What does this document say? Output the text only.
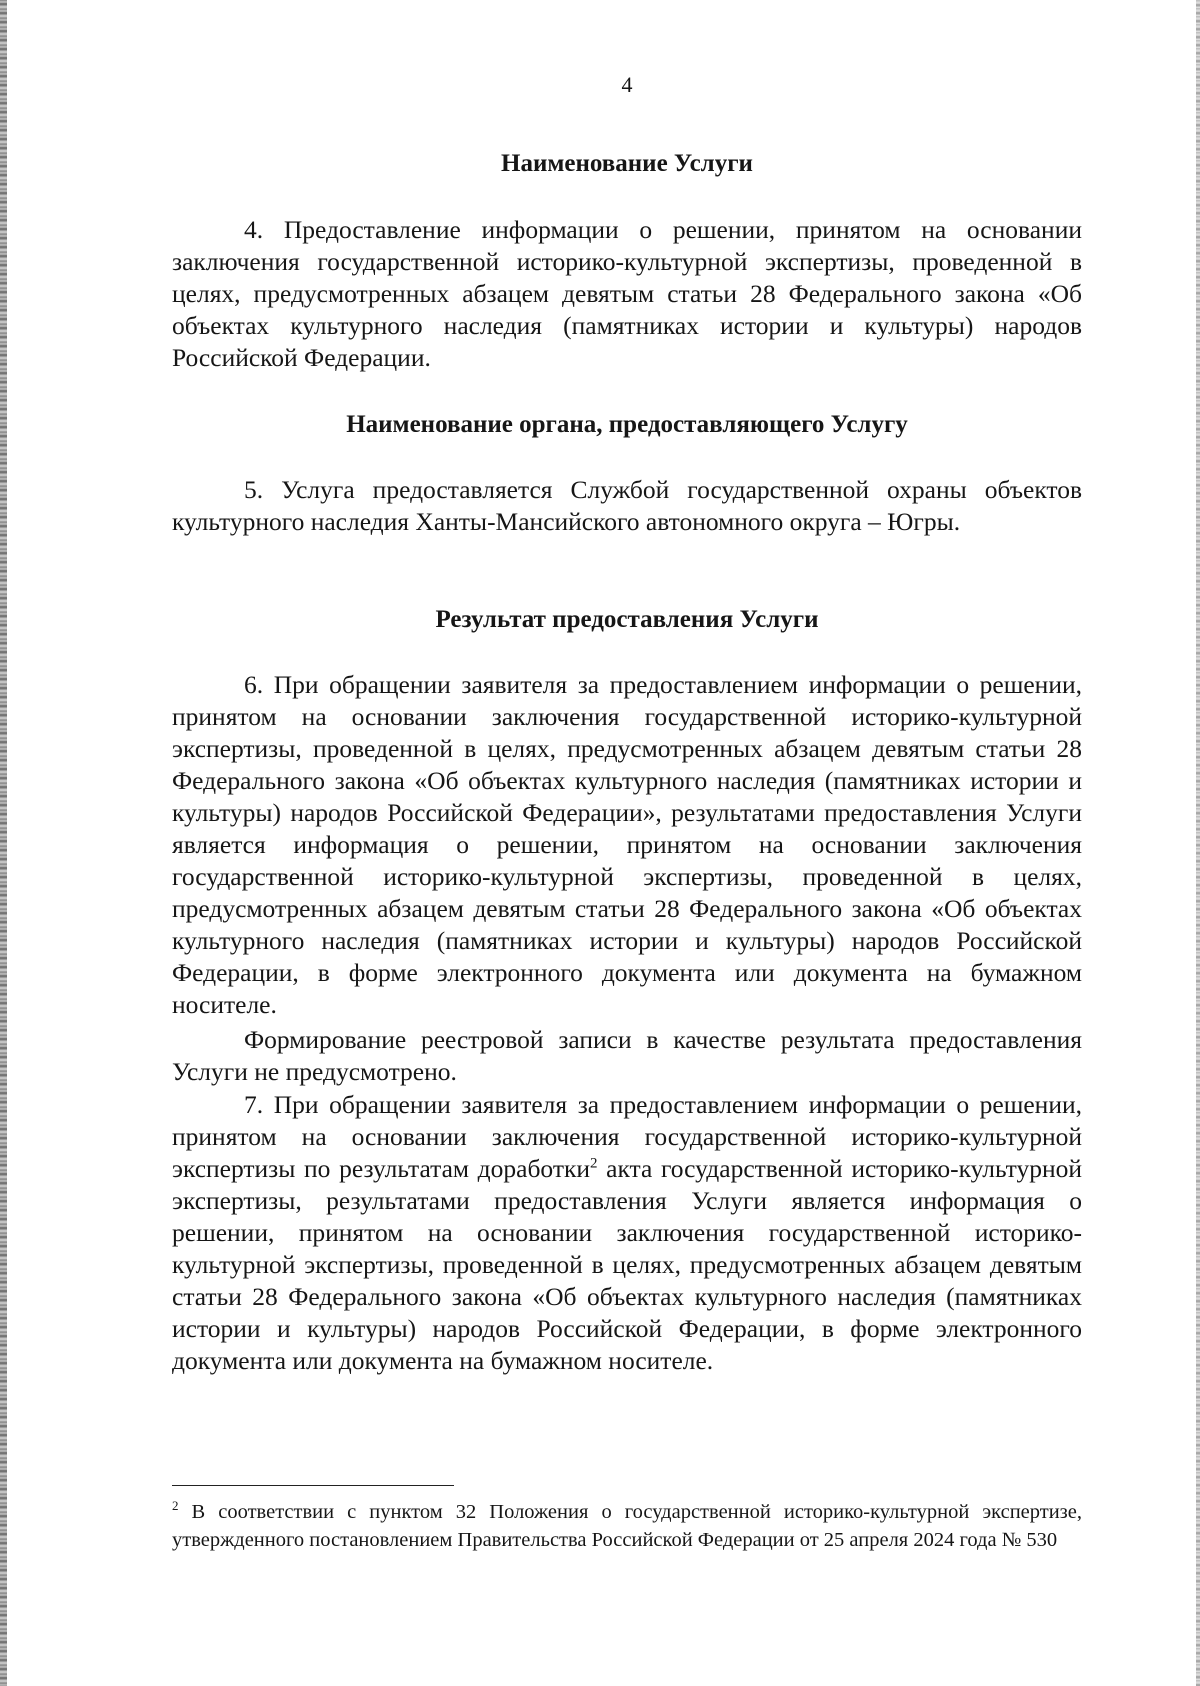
4
Наименование Услуги

4. Предоставление информации о решении, принятом на основании заключения государственной историко-культурной экспертизы, проведенной в целях, предусмотренных абзацем девятым статьи 28 Федерального закона «Об объектах культурного наследия (памятниках истории и культуры) народов Российской Федерации.

Наименование органа, предоставляющего Услугу

5. Услуга предоставляется Службой государственной охраны объектов культурного наследия Ханты-Мансийского автономного округа – Югры.

Результат предоставления Услуги

6. При обращении заявителя за предоставлением информации о решении, принятом на основании заключения государственной историко-культурной экспертизы, проведенной в целях, предусмотренных абзацем девятым статьи 28 Федерального закона «Об объектах культурного наследия (памятниках истории и культуры) народов Российской Федерации», результатами предоставления Услуги является информация о решении, принятом на основании заключения государственной историко-культурной экспертизы, проведенной в целях, предусмотренных абзацем девятым статьи 28 Федерального закона «Об объектах культурного наследия (памятниках истории и культуры) народов Российской Федерации, в форме электронного документа или документа на бумажном носителе.

Формирование реестровой записи в качестве результата предоставления Услуги не предусмотрено.

7. При обращении заявителя за предоставлением информации о решении, принятом на основании заключения государственной историко-культурной экспертизы по результатам доработки$^2$ акта государственной историко-культурной экспертизы, результатами предоставления Услуги является информация о решении, принятом на основании заключения государственной историко-культурной экспертизы, проведенной в целях, предусмотренных абзацем девятым статьи 28 Федерального закона «Об объектах культурного наследия (памятниках истории и культуры) народов Российской Федерации, в форме электронного документа или документа на бумажном носителе.

$^2$ В соответствии с пунктом 32 Положения о государственной историко-культурной экспертизе, утвержденного постановлением Правительства Российской Федерации от 25 апреля 2024 года № 530
